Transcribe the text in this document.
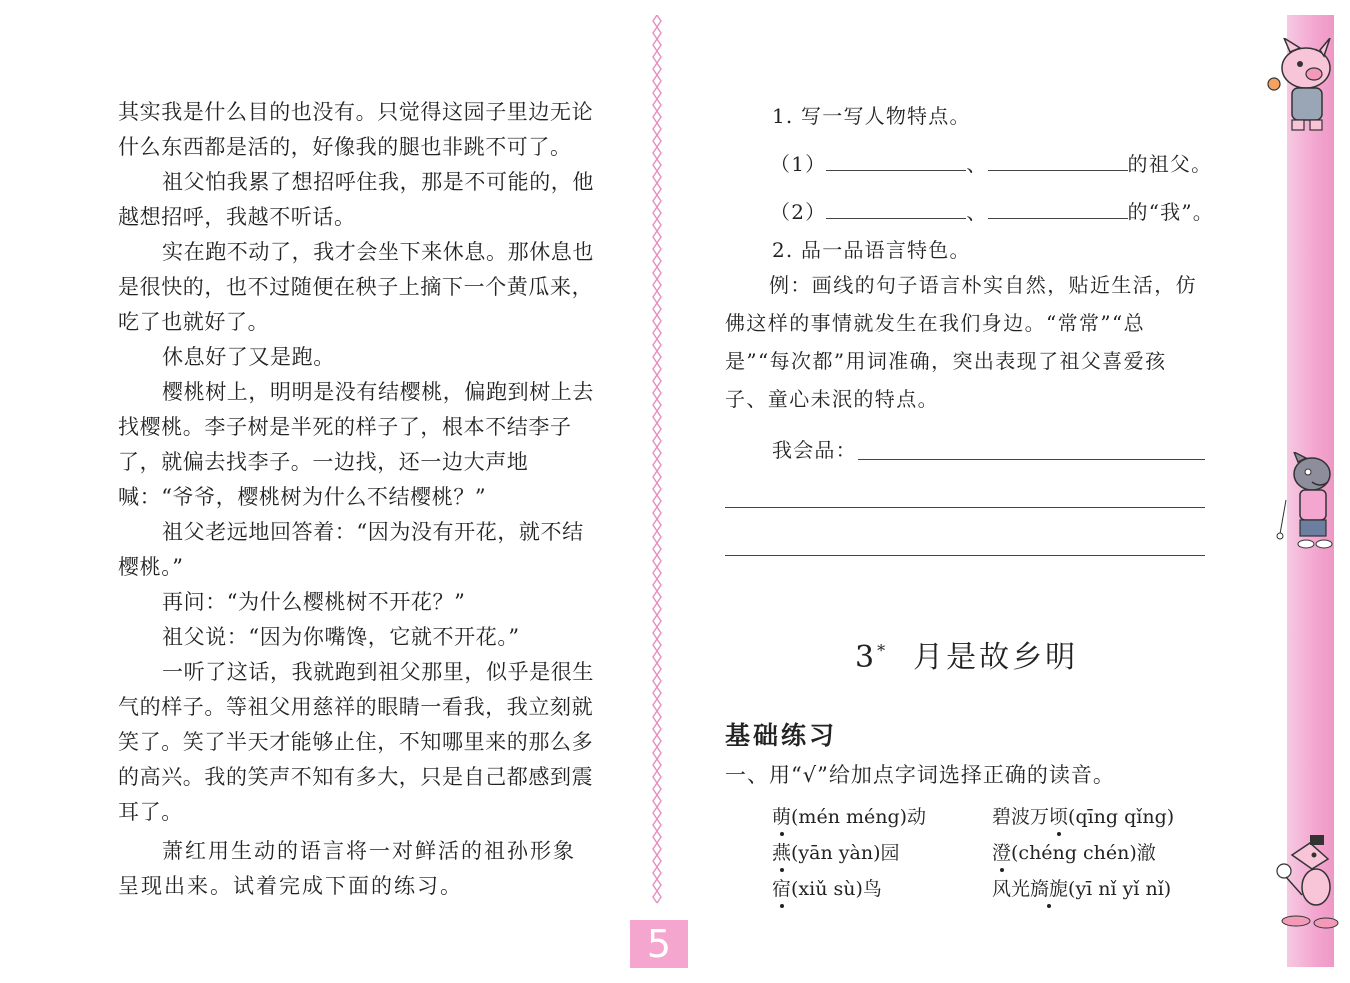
其实我是什么目的也没有。只觉得这园子里边无论什么东西都是活的，好像我的腿也非跳不可了。

祖父怕我累了想招呼住我，那是不可能的，他越想招呼，我越不听话。

实在跑不动了，我才会坐下来休息。那休息也是很快的，也不过随便在秧子上摘下一个黄瓜来，吃了也就好了。

休息好了又是跑。

樱桃树上，明明是没有结樱桃，偏跑到树上去找樱桃。李子树是半死的样子了，根本不结李子了，就偏去找李子。一边找，还一边大声地喊：“爷爷，樱桃树为什么不结樱桃？”

祖父老远地回答着：“因为没有开花，就不结樱桃。”

再问：“为什么樱桃树不开花？”

祖父说：“因为你嘴馋，它就不开花。”

一听了这话，我就跑到祖父那里，似乎是很生气的样子。等祖父用慈祥的眼睛一看我，我立刻就笑了。笑了半天才能够止住，不知哪里来的那么多的高兴。我的笑声不知有多大，只是自己都感到震耳了。

萧红用生动的语言将一对鲜活的祖孙形象呈现出来。试着完成下面的练习。

5
1. 写一写人物特点。
（1）	、	的祖父。
（2）	、	的“我”。
2. 品一品语言特色。

例：画线的句子语言朴实自然，贴近生活，仿佛这样的事情就发生在我们身边。“常常”“总是”“每次都”用词准确，突出表现了祖父喜爱孩子、童心未泯的特点。

我会品：
3* 月是故乡明
基础练习
一、用“√”给加点字词选择正确的读音。
萌(mén méng)动	碧波万顷(qīng qǐng)
燕(yān yàn)园	澄(chéng chén)澈
宿(xiǔ sù)鸟	风光旖旎(yī nǐ yǐ nǐ)
